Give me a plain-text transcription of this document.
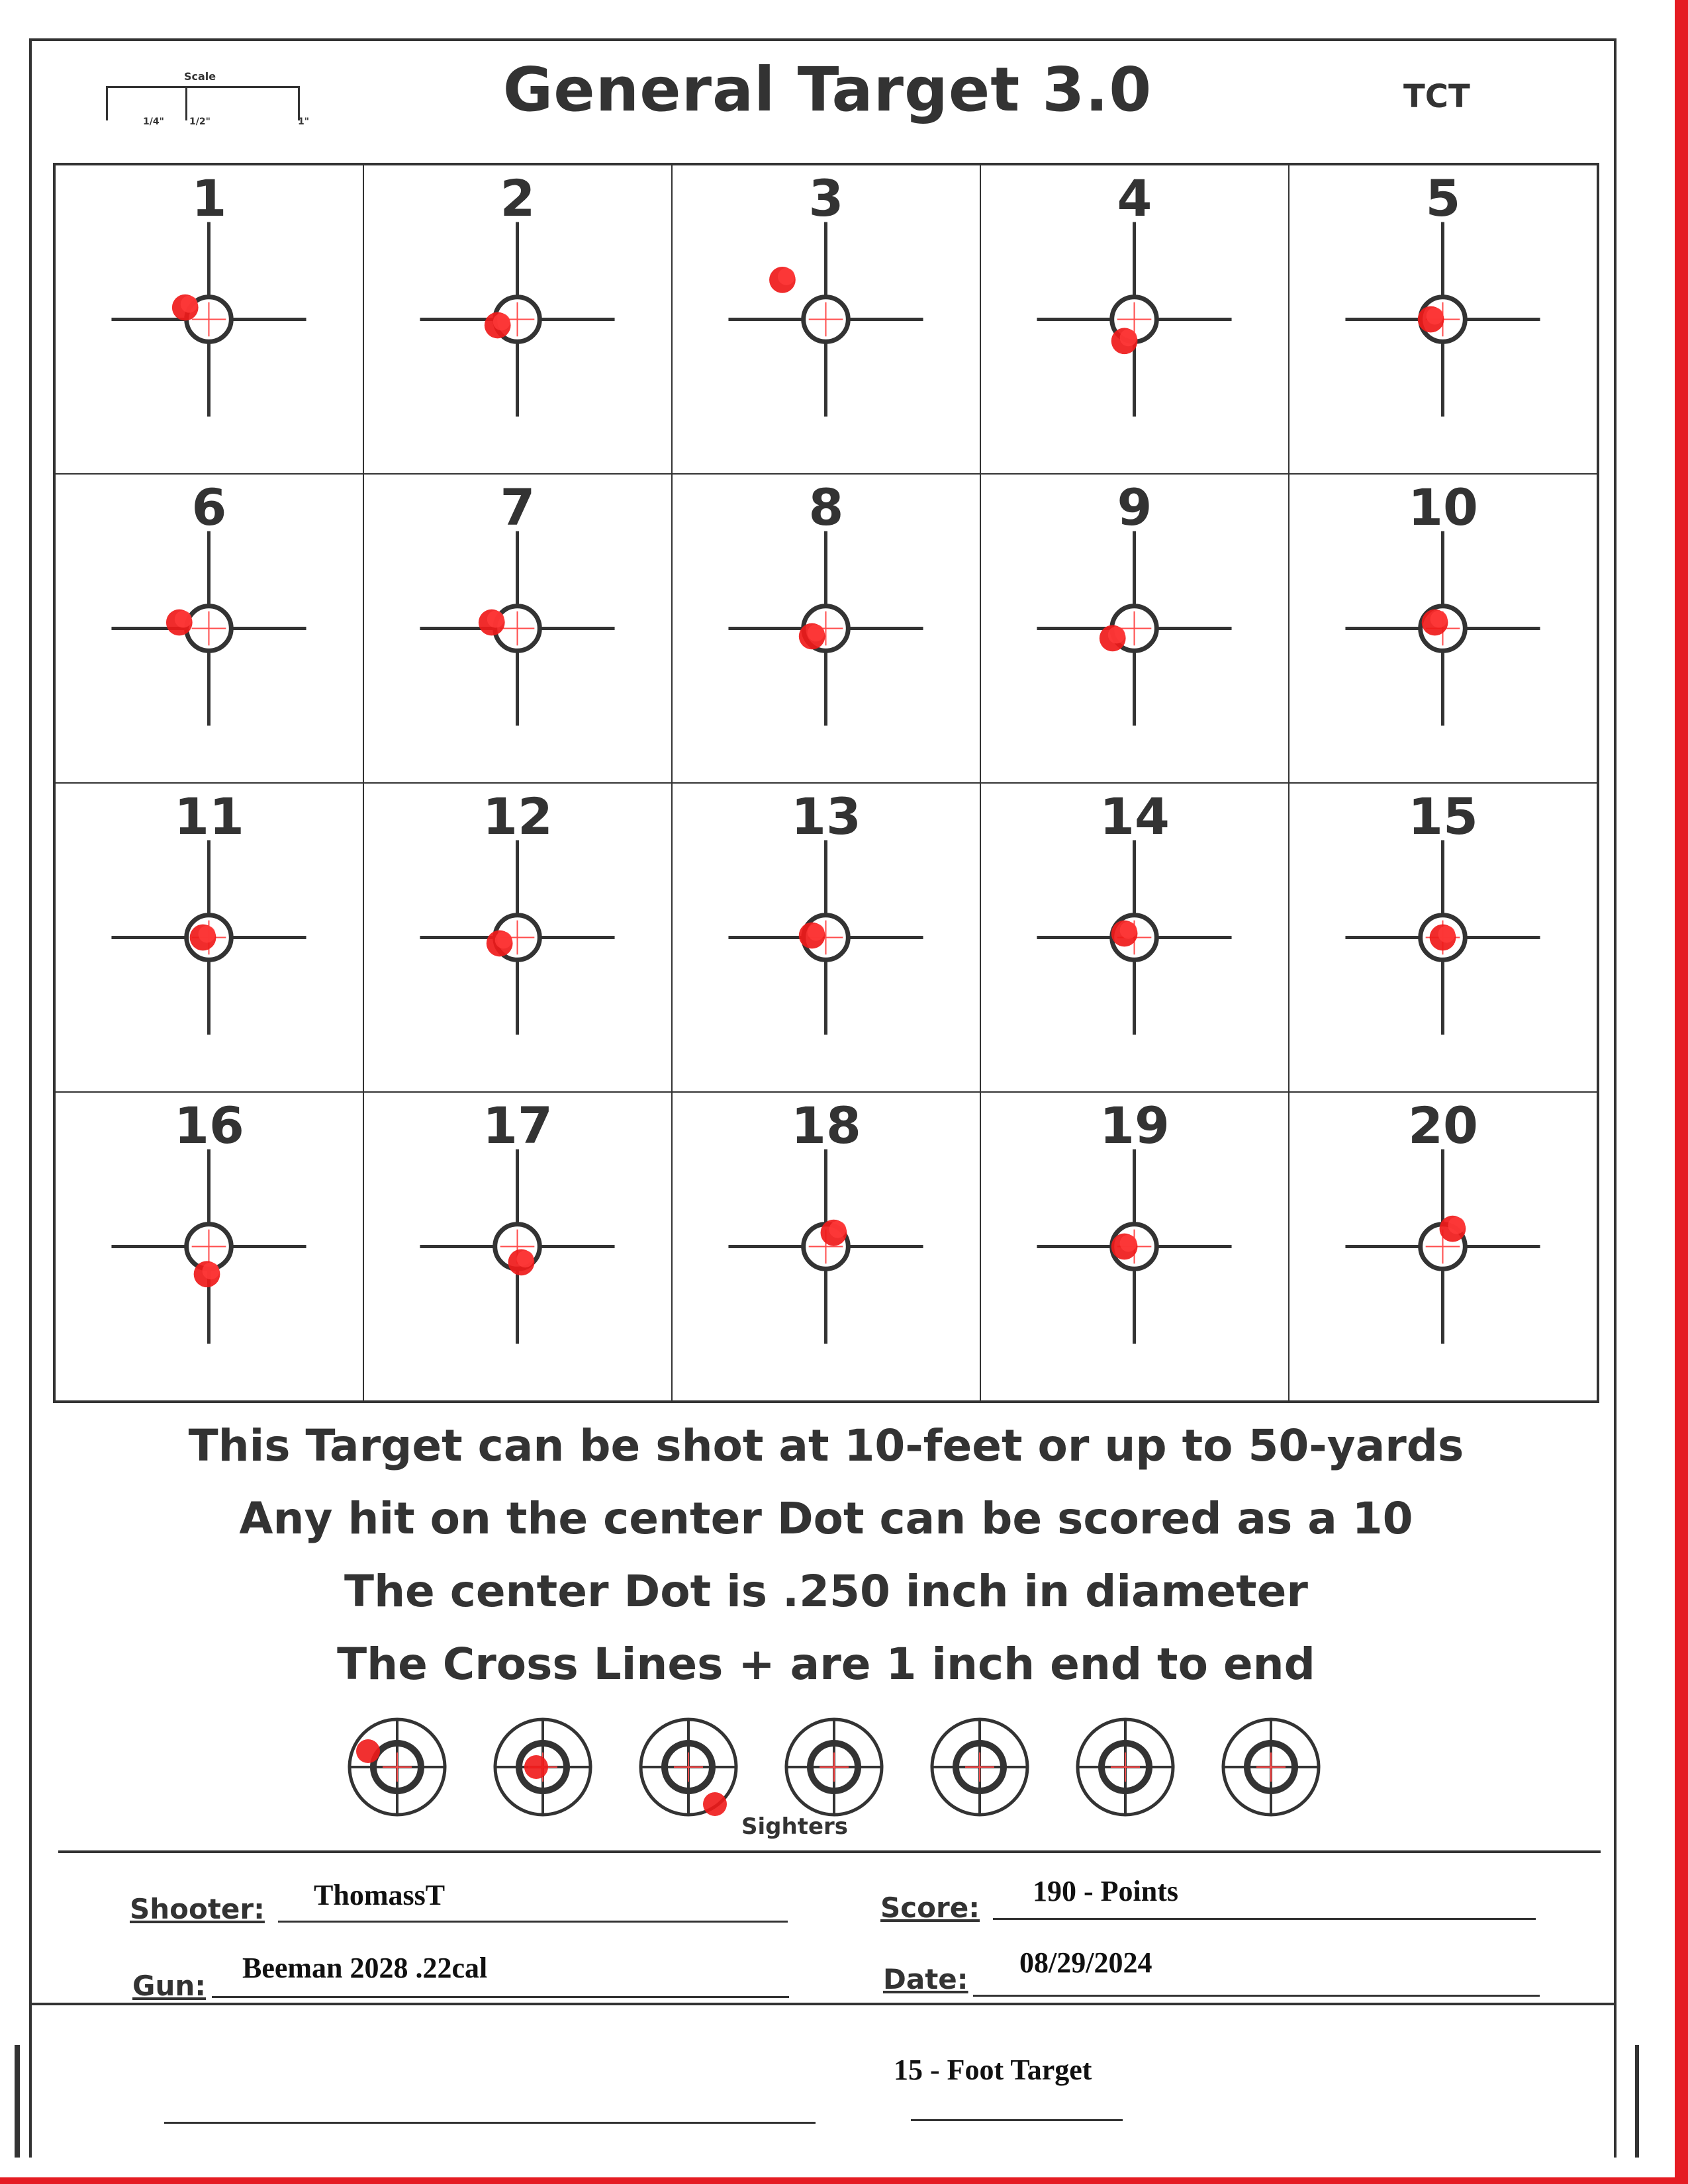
Scale
1/4"	1/2"	1"	General Target 3.0	TCT
1	2	3	4	5
6	7	8	9	10
11	12	13	14	15
16	17	18	19	20
This Target can be shot at 10-feet or up to 50-yards
Any hit on the center Dot can be scored as a 10
The center Dot is .250 inch in diameter
The Cross Lines + are 1 inch end to end
Sighters
Shooter: ThomassT
Gun:
Beeman 2028 .22cal
Score:
190 - Points
Date:
08/29/2024
15 - Foot Target
